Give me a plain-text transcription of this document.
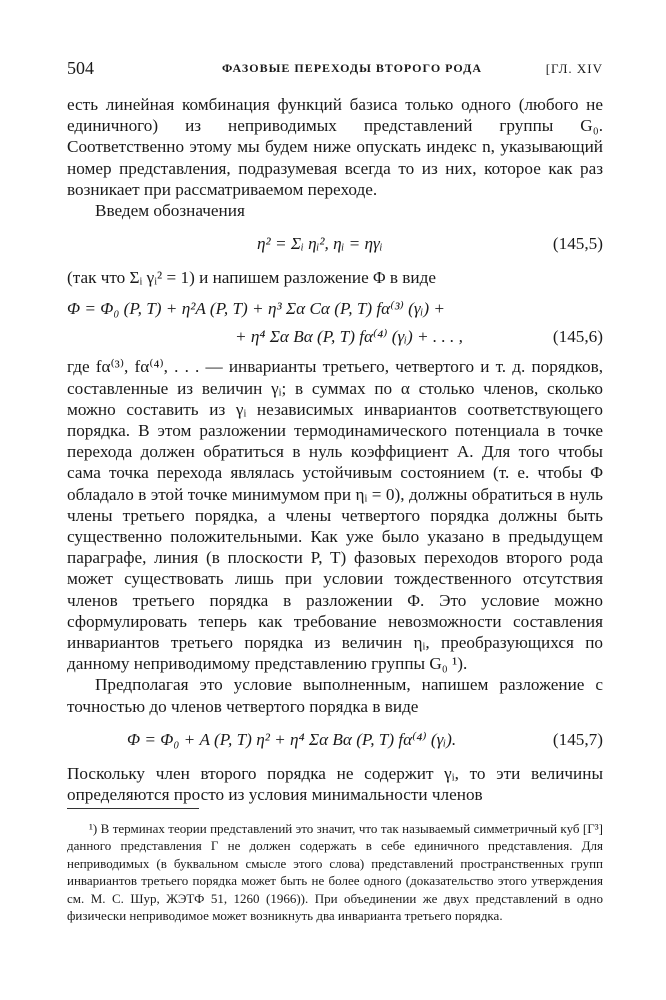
504	ФАЗОВЫЕ ПЕРЕХОДЫ ВТОРОГО РОДА	[ГЛ. XIV

есть линейная комбинация функций базиса только одного (любого не единичного) из неприводимых представлений группы G₀. Соответственно этому мы будем ниже опускать индекс n, указывающий номер представления, подразумевая всегда то из них, которое как раз возникает при рассматриваемом переходе.

Введем обозначения

η² = Σᵢ ηᵢ², ηᵢ = ηγᵢ	(145,5)

(так что Σᵢ γᵢ² = 1) и напишем разложение Φ в виде

Φ = Φ₀ (P, T) + η²A (P, T) + η³ Σα Cα (P, T) fα⁽³⁾ (γᵢ) +
+ η⁴ Σα Bα (P, T) fα⁽⁴⁾ (γᵢ) + . . . ,	(145,6)

где fα⁽³⁾, fα⁽⁴⁾, . . . — инварианты третьего, четвертого и т. д. порядков, составленные из величин γᵢ; в суммах по α столько членов, сколько можно составить из γᵢ независимых инвариантов соответствующего порядка. В этом разложении термодинамического потенциала в точке перехода должен обратиться в нуль коэффициент A. Для того чтобы сама точка перехода являлась устойчивым состоянием (т. е. чтобы Φ обладало в этой точке минимумом при ηᵢ = 0), должны обратиться в нуль члены третьего порядка, а члены четвертого порядка должны быть существенно положительными. Как уже было указано в предыдущем параграфе, линия (в плоскости P, T) фазовых переходов второго рода может существовать лишь при условии тождественного отсутствия членов третьего порядка в разложении Φ. Это условие можно сформулировать теперь как требование невозможности составления инвариантов третьего порядка из величин ηᵢ, преобразующихся по данному неприводимому представлению группы G₀ ¹).

Предполагая это условие выполненным, напишем разложение с точностью до членов четвертого порядка в виде

Φ = Φ₀ + A (P, T) η² + η⁴ Σα Bα (P, T) fα⁽⁴⁾ (γᵢ).	(145,7)

Поскольку член второго порядка не содержит γᵢ, то эти величины определяются просто из условия минимальности членов

¹) В терминах теории представлений это значит, что так называемый симметричный куб [Γ³] данного представления Γ не должен содержать в себе единичного представления. Для неприводимых (в буквальном смысле этого слова) представлений пространственных групп инвариантов третьего порядка может быть не более одного (доказательство этого утверждения см. М. С. Шур, ЖЭТФ 51, 1260 (1966)). При объединении же двух представлений в одно физически неприводимое может возникнуть два инварианта третьего порядка.
